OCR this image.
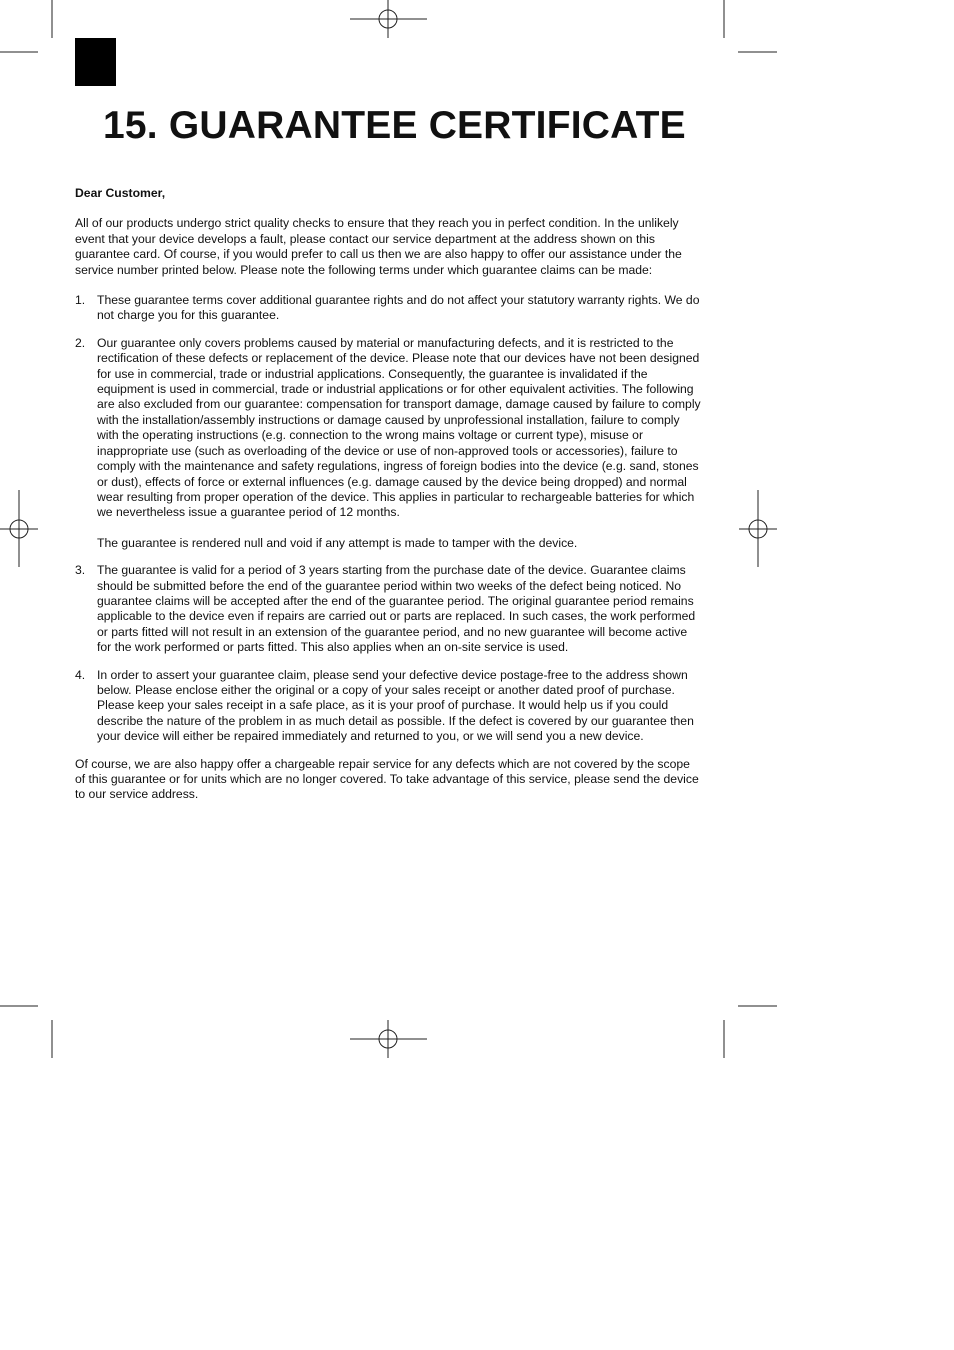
15. GUARANTEE CERTIFICATE

Dear Customer,

All of our products undergo strict quality checks to ensure that they reach you in perfect condition. In the unlikely event that your device develops a fault, please contact our service department at the address shown on this guarantee card. Of course, if you would prefer to call us then we are also happy to offer our assistance under the service number printed below. Please note the following terms under which guarantee claims can be made:

1. These guarantee terms cover additional guarantee rights and do not affect your statutory warranty rights. We do not charge you for this guarantee.

2. Our guarantee only covers problems caused by material or manufacturing defects, and it is restricted to the rectification of these defects or replacement of the device. Please note that our devices have not been designed for use in commercial, trade or industrial applications. Consequently, the guarantee is invalidated if the equipment is used in commercial, trade or industrial applications or for other equivalent activities. The following are also excluded from our guarantee: compensation for transport damage, damage caused by failure to comply with the installation/assembly instructions or damage caused by unprofessional installation, failure to comply with the operating instructions (e.g. connection to the wrong mains voltage or current type), misuse or inappropriate use (such as overloading of the device or use of non-approved tools or accessories), failure to comply with the maintenance and safety regulations, ingress of foreign bodies into the device (e.g. sand, stones or dust), effects of force or external influences (e.g. damage caused by the device being dropped) and normal wear resulting from proper operation of the device. This applies in particular to rechargeable batteries for which we nevertheless issue a guarantee period of 12 months.

The guarantee is rendered null and void if any attempt is made to tamper with the device.

3. The guarantee is valid for a period of 3 years starting from the purchase date of the device. Guarantee claims should be submitted before the end of the guarantee period within two weeks of the defect being noticed. No guarantee claims will be accepted after the end of the guarantee period. The original guarantee period remains applicable to the device even if repairs are carried out or parts are replaced. In such cases, the work performed or parts fitted will not result in an extension of the guarantee period, and no new guarantee will become active for the work performed or parts fitted. This also applies when an on-site service is used.

4. In order to assert your guarantee claim, please send your defective device postage-free to the address shown below. Please enclose either the original or a copy of your sales receipt or another dated proof of purchase. Please keep your sales receipt in a safe place, as it is your proof of purchase. It would help us if you could describe the nature of the problem in as much detail as possible. If the defect is covered by our guarantee then your device will either be repaired immediately and returned to you, or we will send you a new device.

Of course, we are also happy offer a chargeable repair service for any defects which are not covered by the scope of this guarantee or for units which are no longer covered. To take advantage of this service, please send the device to our service address.
